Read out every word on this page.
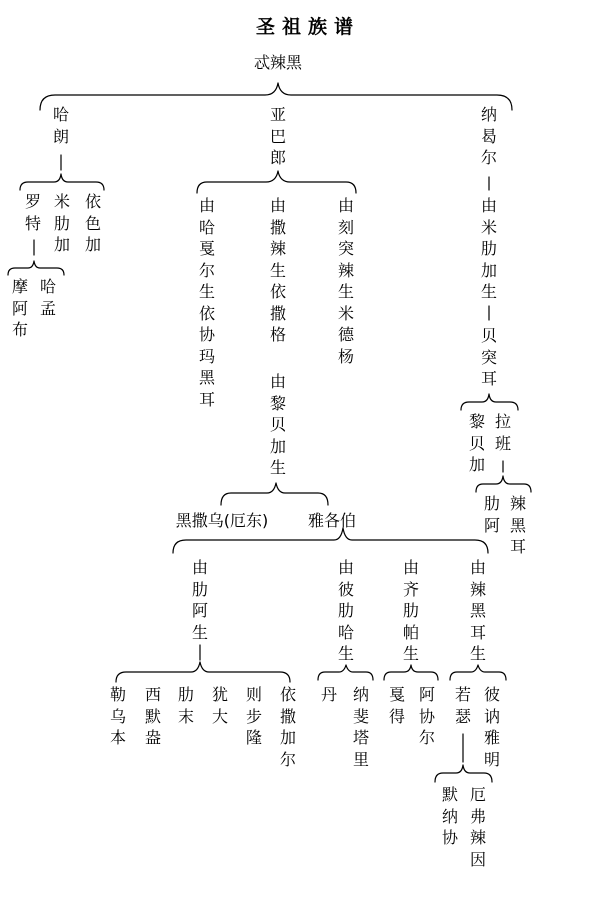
圣祖族谱
忒辣黑
哈
朗
亚
巴
郎
纳
曷
尔
依
色
加
米
肋
加
罗
特
哈
孟
摩
阿
布
由
刻
突
辣
生
米
德
杨
由
撒
辣
生
依
撒
格
由
哈
戛
尔
生
依
协
玛
黑
耳
由
黎
贝
加
生
由
米
肋
加
生
贝
突
耳
拉
班
黎
贝
加
辣
黑
耳
肋
阿
黑撒乌(厄东) 雅各伯
由
肋
阿
生
由
彼
肋
哈
生
由
齐
肋
帕
生
由
辣
黑
耳
生
勒
乌
本
西
默
盎
肋
末
犹
大
则
步
隆
依
撒
加
尔
丹 纳
斐
塔
里
戛
得
阿
协
尔
若
瑟
彼
讷
雅
明
默
纳
协
厄
弗
辣
因
